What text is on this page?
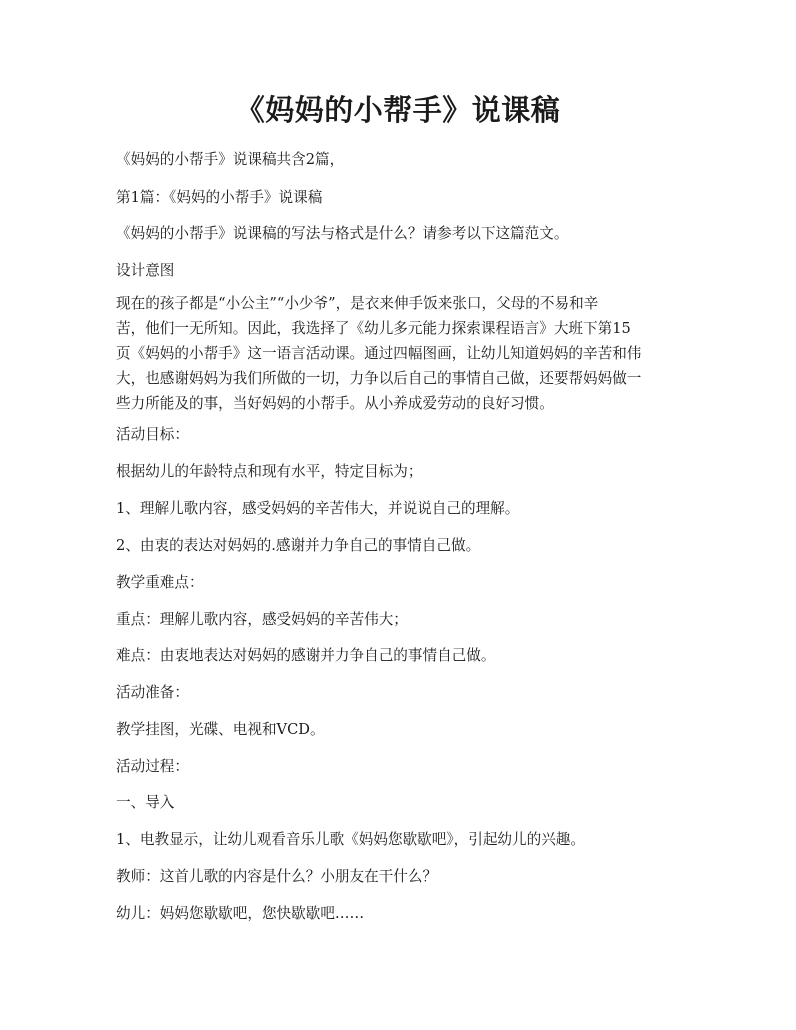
《妈妈的小帮手》说课稿
《妈妈的小帮手》说课稿共含2篇，
第1篇：《妈妈的小帮手》说课稿
《妈妈的小帮手》说课稿的写法与格式是什么？请参考以下这篇范文。
设计意图
现在的孩子都是“小公主”“小少爷”，是衣来伸手饭来张口，父母的不易和辛
苦，他们一无所知。因此，我选择了《幼儿多元能力探索课程语言》大班下第15
页《妈妈的小帮手》这一语言活动课。通过四幅图画，让幼儿知道妈妈的辛苦和伟
大，也感谢妈妈为我们所做的一切，力争以后自己的事情自己做，还要帮妈妈做一
些力所能及的事，当好妈妈的小帮手。从小养成爱劳动的良好习惯。
活动目标：
根据幼儿的年龄特点和现有水平，特定目标为；
1、理解儿歌内容，感受妈妈的辛苦伟大，并说说自己的理解。
2、由衷的表达对妈妈的.感谢并力争自己的事情自己做。
教学重难点：
重点：理解儿歌内容，感受妈妈的辛苦伟大；
难点：由衷地表达对妈妈的感谢并力争自己的事情自己做。
活动准备：
教学挂图，光碟、电视和VCD。
活动过程：
一、导入
1、电教显示，让幼儿观看音乐儿歌《妈妈您歇歇吧》，引起幼儿的兴趣。
教师：这首儿歌的内容是什么？小朋友在干什么？
幼儿：妈妈您歇歇吧，您快歇歇吧……
